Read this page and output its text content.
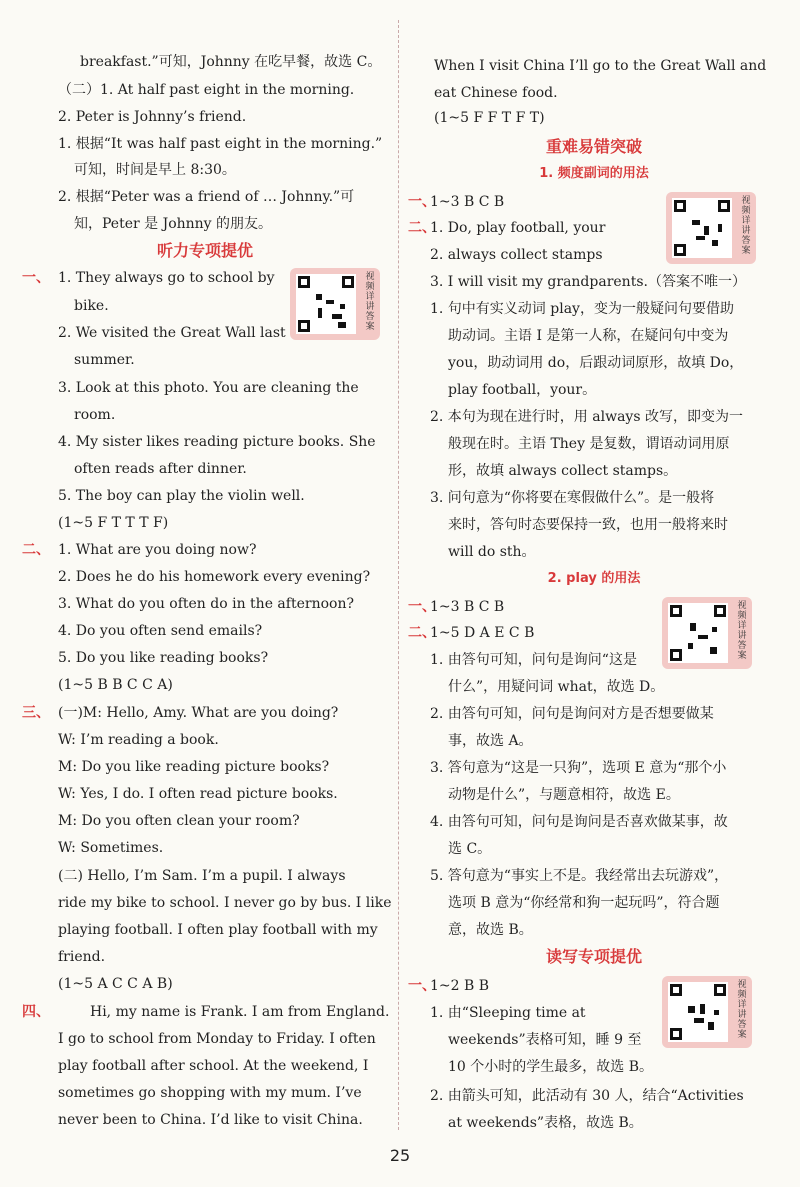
breakfast.”可知，Johnny 在吃早餐，故选 C。
（二）1. At half past eight in the morning.
2. Peter is Johnny’s friend.
1. 根据“It was half past eight in the morning.”
可知，时间是早上 8:30。
2. 根据“Peter was a friend of … Johnny.”可
知，Peter 是 Johnny 的朋友。
听力专项提优
一、 1. They always go to school by
bike.
2. We visited the Great Wall last
summer.
3. Look at this photo. You are cleaning the
room.
4. My sister likes reading picture books. She
often reads after dinner.
5. The boy can play the violin well.
(1~5 F T T T F)
二、 1. What are you doing now?
2. Does he do his homework every evening?
3. What do you often do in the afternoon?
4. Do you often send emails?
5. Do you like reading books?
(1~5 B B C C A)
三、 (一)M: Hello, Amy. What are you doing?
W: I’m reading a book.
M: Do you like reading picture books?
W: Yes, I do. I often read picture books.
M: Do you often clean your room?
W: Sometimes.
(二) Hello, I’m Sam. I’m a pupil. I always
ride my bike to school. I never go by bus. I like
playing football. I often play football with my
friend.
(1~5 A C C A B)
四、	Hi, my name is Frank. I am from England.
I go to school from Monday to Friday. I often
play football after school. At the weekend, I
sometimes go shopping with my mum. I’ve
never been to China. I’d like to visit China.
视频详讲答案
When I visit China I’ll go to the Great Wall and
eat Chinese food.
(1~5 F F T F T)
重难易错突破
1. 频度副词的用法
一、
1~3 B C B
二、
1. Do, play football, your
2. always collect stamps
3. I will visit my grandparents.（答案不唯一）
1. 句中有实义动词 play，变为一般疑问句要借助
助动词。主语 I 是第一人称，在疑问句中变为
you，助动词用 do，后跟动词原形，故填 Do，
play football，your。
2. 本句为现在进行时，用 always 改写，即变为一
般现在时。主语 They 是复数，谓语动词用原
形，故填 always collect stamps。
3. 问句意为“你将要在寒假做什么”。是一般将
来时，答句时态要保持一致，也用一般将来时
will do sth。
2. play 的用法
一、
1~3 B C B
二、
1~5 D A E C B
1. 由答句可知，问句是询问“这是
什么”，用疑问词 what，故选 D。
2. 由答句可知，问句是询问对方是否想要做某
事，故选 A。
3. 答句意为“这是一只狗”，选项 E 意为“那个小
动物是什么”，与题意相符，故选 E。
4. 由答句可知，问句是询问是否喜欢做某事，故
选 C。
5. 答句意为“事实上不是。我经常出去玩游戏”，
选项 B 意为“你经常和狗一起玩吗”，符合题
意，故选 B。
读写专项提优
一、
1~2 B B
1. 由“Sleeping time at
weekends”表格可知，睡 9 至
10 个小时的学生最多，故选 B。
2. 由箭头可知，此活动有 30 人，结合“Activities
at weekends”表格，故选 B。
视频详讲答案
视频详讲答案
视频详讲答案
25
